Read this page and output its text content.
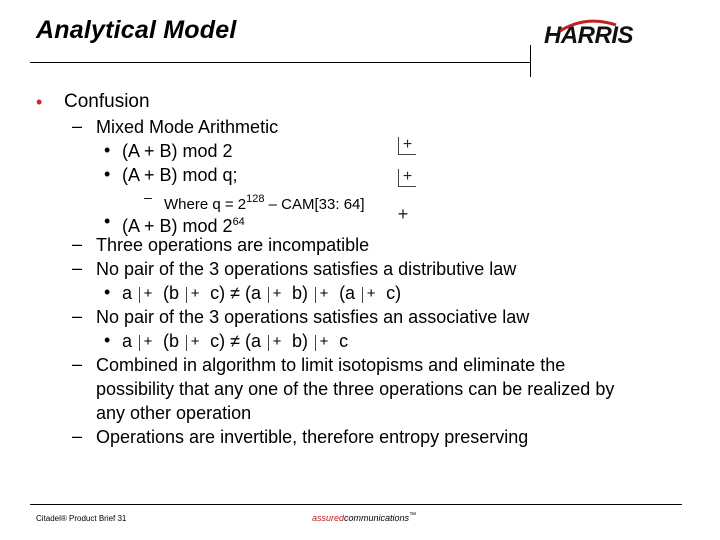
Analytical Model	HARRIS
• Confusion
– Mixed Mode Arithmetic
• (A + B) mod 2	+
• (A + B) mod q;	+
– Where $q = 2^{128} - CAM[33$: 64]
• (A + B) mod $2^{64}$	+
– Three operations are incompatible
– No pair of the 3 operations satisfies a distributive law
• a + (b + c) ≠ (a + b) + (a + c)
– No pair of the 3 operations satisfies an associative law
• a + (b + c) ≠ (a + b) + c
– Combined in algorithm to limit isotopisms and eliminate the
possibility that any one of the three operations can be realized by
any other operation
– Operations are invertible, therefore entropy preserving
Citadel® Product Brief 31	assuredcommunications™
